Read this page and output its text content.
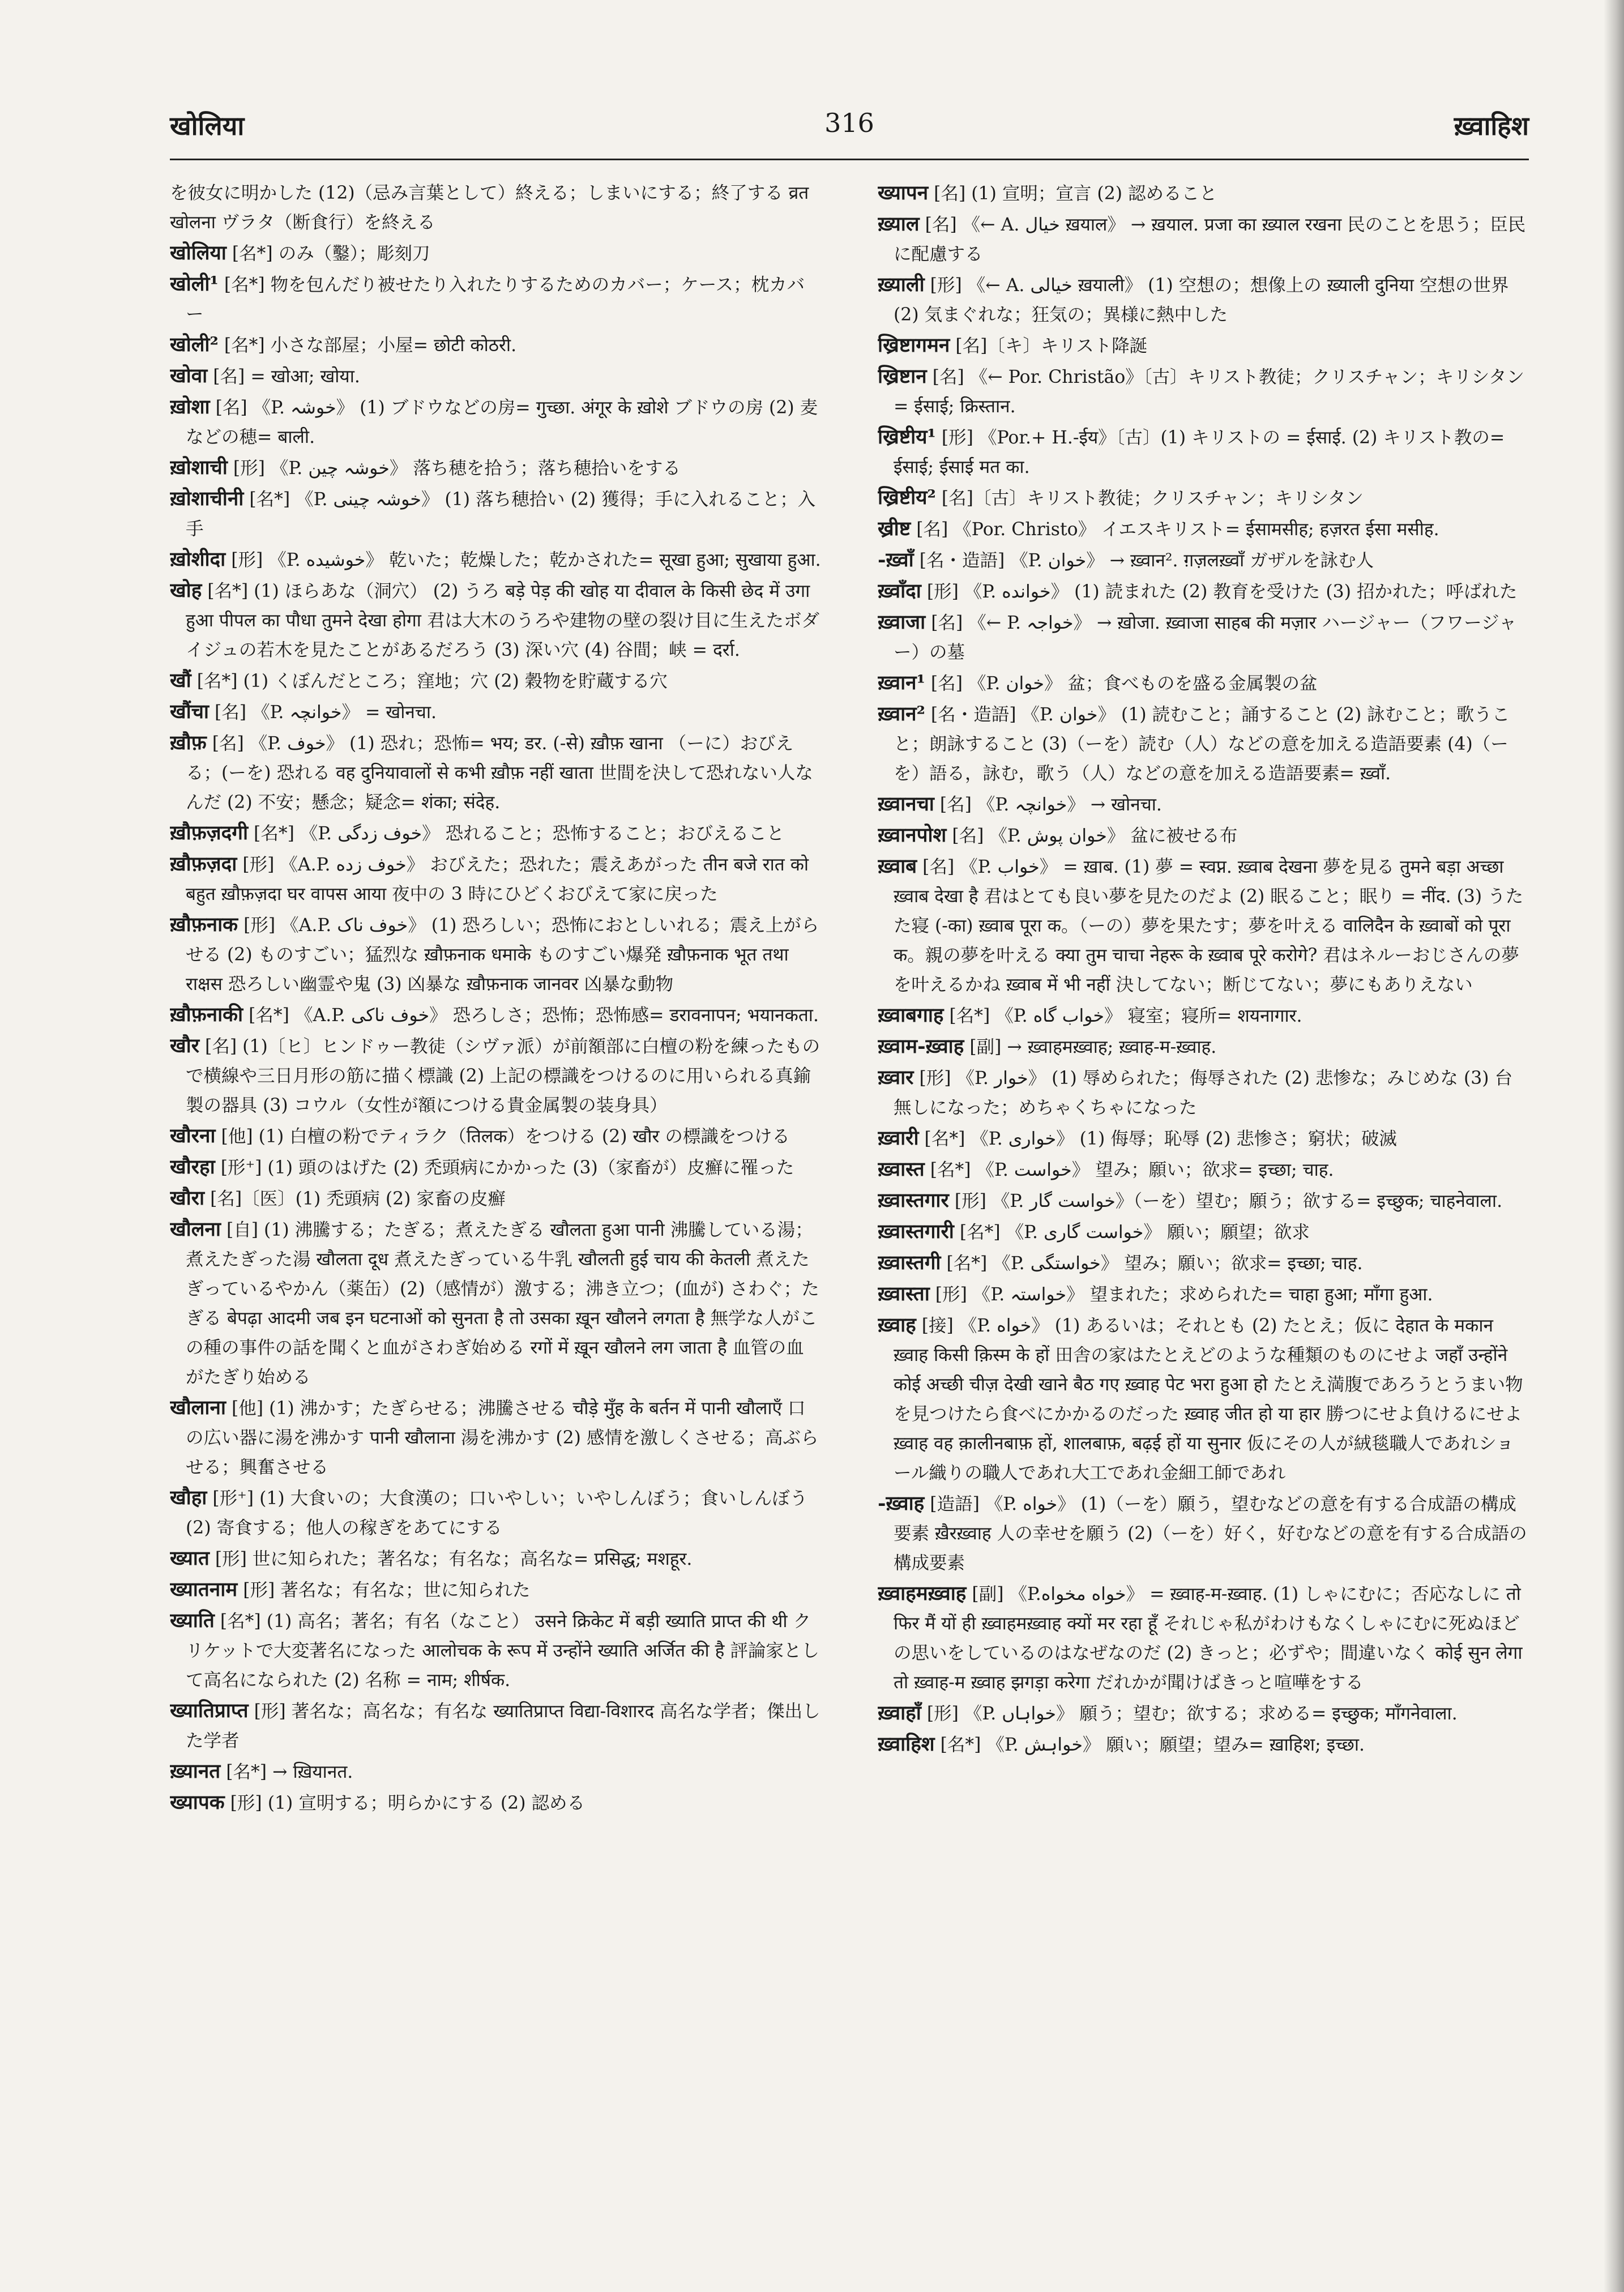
खोलिया	316	ख़्वाहिश

を彼女に明かした (12)（忌み言葉として）終える；しまいにする；終了する व्रत खोलना ヴラタ（断食行）を終える

खोलिया [名*] のみ（鑿）；彫刻刀

खोली¹ [名*] 物を包んだり被せたり入れたりするためのカバー；ケース；枕カバー

खोली² [名*] 小さな部屋；小屋= छोटी कोठरी.

खोवा [名] = खोआ; खोया.

ख़ोशा [名] 《P. خوشہ》 (1) ブドウなどの房= गुच्छा. अंगूर के ख़ोशे ブドウの房 (2) 麦などの穂= बाली.

ख़ोशाची [形] 《P. خوشہ چین》 落ち穂を拾う；落ち穂拾いをする

ख़ोशाचीनी [名*] 《P. خوشہ چینی》 (1) 落ち穂拾い (2) 獲得；手に入れること；入手

ख़ोशीदा [形] 《P. خوشیده》 乾いた；乾燥した；乾かされた= सूखा हुआ; सुखाया हुआ.

खोह [名*] (1) ほらあな（洞穴） (2) うろ बड़े पेड़ की खोह या दीवाल के किसी छेद में उगा हुआ पीपल का पौधा तुमने देखा होगा 君は大木のうろや建物の壁の裂け目に生えたボダイジュの若木を見たことがあるだろう (3) 深い穴 (4) 谷間；峡 = दर्रा.

खौं [名*] (1) くぼんだところ；窪地；穴 (2) 穀物を貯蔵する穴

खौंचा [名] 《P. خوانچہ》 = खोनचा.

ख़ौफ़ [名] 《P. خوف》 (1) 恐れ；恐怖= भय; डर. (-से) ख़ौफ़ खाना （ーに）おびえる；(ーを) 恐れる वह दुनियावालों से कभी ख़ौफ़ नहीं खाता 世間を決して恐れない人なんだ (2) 不安；懸念；疑念= शंका; संदेह.

ख़ौफ़ज़दगी [名*] 《P. خوف زدگی》 恐れること；恐怖すること；おびえること

ख़ौफ़ज़दा [形] 《A.P. خوف زده》 おびえた；恐れた；震えあがった तीन बजे रात को बहुत ख़ौफ़ज़दा घर वापस आया 夜中の 3 時にひどくおびえて家に戻った

ख़ौफ़नाक [形] 《A.P. خوف ناک》 (1) 恐ろしい；恐怖におとしいれる；震え上がらせる (2) ものすごい；猛烈な ख़ौफ़नाक धमाके ものすごい爆発 ख़ौफ़नाक भूत तथा राक्षस 恐ろしい幽霊や鬼 (3) 凶暴な ख़ौफ़नाक जानवर 凶暴な動物

ख़ौफ़नाकी [名*] 《A.P. خوف ناکی》 恐ろしさ；恐怖；恐怖感= डरावनापन; भयानकता.

खौर [名] (1)〔ヒ〕ヒンドゥー教徒（シヴァ派）が前額部に白檀の粉を練ったもので横線や三日月形の筋に描く標識 (2) 上記の標識をつけるのに用いられる真鍮製の器具 (3) コウル（女性が額につける貴金属製の装身具）

खौरना [他] (1) 白檀の粉でティラク（तिलक）をつける (2) खौर の標識をつける

खौरहा [形⁺] (1) 頭のはげた (2) 禿頭病にかかった (3)（家畜が）皮癬に罹った

खौरा [名]〔医〕(1) 禿頭病 (2) 家畜の皮癬

खौलना [自] (1) 沸騰する；たぎる；煮えたぎる खौलता हुआ पानी 沸騰している湯；煮えたぎった湯 खौलता दूध 煮えたぎっている牛乳 खौलती हुई चाय की केतली 煮えたぎっているやかん（薬缶）(2)（感情が）激する；沸き立つ；(血が) さわぐ；たぎる बेपढ़ा आदमी जब इन घटनाओं को सुनता है तो उसका ख़ून खौलने लगता है 無学な人がこの種の事件の話を聞くと血がさわぎ始める रगों में ख़ून खौलने लग जाता है 血管の血がたぎり始める

खौलाना [他] (1) 沸かす；たぎらせる；沸騰させる चौड़े मुँह के बर्तन में पानी खौलाएँ 口の広い器に湯を沸かす पानी खौलाना 湯を沸かす (2) 感情を激しくさせる；高ぶらせる；興奮させる

खौहा [形⁺] (1) 大食いの；大食漢の；口いやしい；いやしんぼう；食いしんぼう (2) 寄食する；他人の稼ぎをあてにする

ख्यात [形] 世に知られた；著名な；有名な；高名な= प्रसिद्ध; मशहूर.

ख्यातनाम [形] 著名な；有名な；世に知られた

ख्याति [名*] (1) 高名；著名；有名（なこと） उसने क्रिकेट में बड़ी ख्याति प्राप्त की थी クリケットで大変著名になった आलोचक के रूप में उन्होंने ख्याति अर्जित की है 評論家として高名になられた (2) 名称 = नाम; शीर्षक.

ख्यातिप्राप्त [形] 著名な；高名な；有名な ख्यातिप्राप्त विद्या-विशारद 高名な学者；傑出した学者

ख़्यानत [名*] → ख़ियानत.

ख्यापक [形] (1) 宣明する；明らかにする (2) 認める

ख्यापन [名] (1) 宣明；宣言 (2) 認めること

ख़्याल [名] 《← A. خیال ख़याल》 → ख़याल. प्रजा का ख़्याल रखना 民のことを思う；臣民に配慮する

ख़्याली [形] 《← A. خیالی ख़याली》 (1) 空想の；想像上の ख़्याली दुनिया 空想の世界 (2) 気まぐれな；狂気の；異様に熱中した

ख्रिष्टागमन [名]〔キ〕キリスト降誕

ख्रिष्टान [名] 《← Por. Christão》〔古〕キリスト教徒；クリスチャン；キリシタン= ईसाई; क्रिस्तान.

ख्रिष्टीय¹ [形] 《Por.+ H.-ईय》〔古〕(1) キリストの = ईसाई. (2) キリスト教の= ईसाई; ईसाई मत का.

ख्रिष्टीय² [名]〔古〕キリスト教徒；クリスチャン；キリシタン

ख्रीष्ट [名] 《Por. Christo》 イエスキリスト= ईसामसीह; हज़रत ईसा मसीह.

-ख़्वाँ [名・造語] 《P. خوان》 → ख़्वान². ग़ज़लख़्वाँ ガザルを詠む人

ख़्वाँदा [形] 《P. خوانده》 (1) 読まれた (2) 教育を受けた (3) 招かれた；呼ばれた

ख़्वाजा [名] 《← P. خواجہ》 → ख़ोजा. ख़्वाजा साहब की मज़ार ハージャー（フワージャー）の墓

ख़्वान¹ [名] 《P. خوان》 盆；食べものを盛る金属製の盆

ख़्वान² [名・造語] 《P. خوان》 (1) 読むこと；誦すること (2) 詠むこと；歌うこと；朗詠すること (3)（ーを）読む（人）などの意を加える造語要素 (4)（ーを）語る，詠む，歌う（人）などの意を加える造語要素= ख़्वाँ.

ख़्वानचा [名] 《P. خوانچہ》 → खोनचा.

ख़्वानपोश [名] 《P. خوان پوش》 盆に被せる布

ख़्वाब [名] 《P. خواب》 = ख़ाब. (1) 夢 = स्वप्न. ख़्वाब देखना 夢を見る तुमने बड़ा अच्छा ख़्वाब देखा है 君はとても良い夢を見たのだよ (2) 眠ること；眠り = नींद. (3) うたた寝 (-का) ख़्वाब पूरा क。（ーの）夢を果たす；夢を叶える वालिदैन के ख़्वाबों को पूरा क。親の夢を叶える क्या तुम चाचा नेहरू के ख़्वाब पूरे करोगे? 君はネルーおじさんの夢を叶えるかね ख़्वाब में भी नहीं 決してない；断じてない；夢にもありえない

ख़्वाबगाह [名*] 《P. خواب گاه》 寝室；寝所= शयनागार.

ख़्वाम-ख़्वाह [副] → ख़्वाहमख़्वाह; ख़्वाह-म-ख़्वाह.

ख़्वार [形] 《P. خوار》 (1) 辱められた；侮辱された (2) 悲惨な；みじめな (3) 台無しになった；めちゃくちゃになった

ख़्वारी [名*] 《P. خواری》 (1) 侮辱；恥辱 (2) 悲惨さ；窮状；破滅

ख़्वास्त [名*] 《P. خواست》 望み；願い；欲求= इच्छा; चाह.

ख़्वास्तगार [形] 《P. خواست گار》（ーを）望む；願う；欲する= इच्छुक; चाहनेवाला.

ख़्वास्तगारी [名*] 《P. خواست گاری》 願い；願望；欲求

ख़्वास्तगी [名*] 《P. خواستگی》 望み；願い；欲求= इच्छा; चाह.

ख़्वास्ता [形] 《P. خواستہ》 望まれた；求められた= चाहा हुआ; माँगा हुआ.

ख़्वाह [接] 《P. خواه》 (1) あるいは；それとも (2) たとえ；仮に देहात के मकान ख़्वाह किसी क़िस्म के हों 田舎の家はたとえどのような種類のものにせよ जहाँ उन्होंने कोई अच्छी चीज़ देखी खाने बैठ गए ख़्वाह पेट भरा हुआ हो たとえ満腹であろうとうまい物を見つけたら食べにかかるのだった ख़्वाह जीत हो या हार 勝つにせよ負けるにせよ ख़्वाह वह क़ालीनबाफ़ हों, शालबाफ़, बढ़ई हों या सुनार 仮にその人が絨毯職人であれショール織りの職人であれ大工であれ金細工師であれ

-ख़्वाह [造語] 《P. خواه》 (1)（ーを）願う，望むなどの意を有する合成語の構成要素 ख़ैरख़्वाह 人の幸せを願う (2)（ーを）好く，好むなどの意を有する合成語の構成要素

ख़्वाहमख़्वाह [副] 《P.خواه مخواه》 = ख़्वाह-म-ख़्वाह. (1) しゃにむに；否応なしに तो फिर मैं यों ही ख़्वाहमख़्वाह क्यों मर रहा हूँ それじゃ私がわけもなくしゃにむに死ぬほどの思いをしているのはなぜなのだ (2) きっと；必ずや；間違いなく कोई सुन लेगा तो ख़्वाह-म ख़्वाह झगड़ा करेगा だれかが聞けばきっと喧嘩をする

ख़्वाहाँ [形] 《P. خواہاں》 願う；望む；欲する；求める= इच्छुक; माँगनेवाला.

ख़्वाहिश [名*] 《P. خواہش》 願い；願望；望み= ख़ाहिश; इच्छा.
